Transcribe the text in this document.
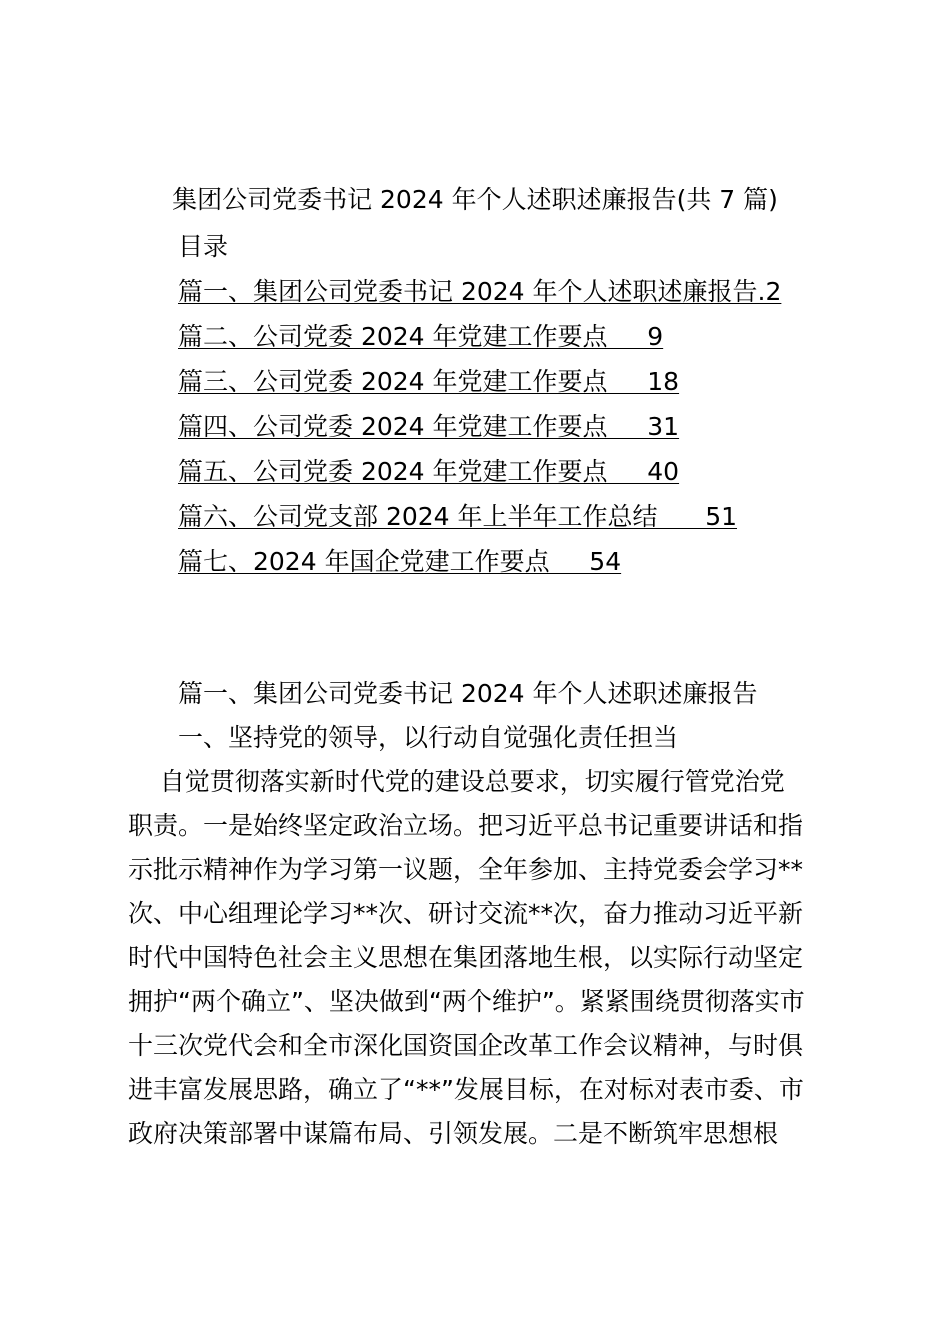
集团公司党委书记 2024 年个人述职述廉报告(共 7 篇)
目录
篇一、集团公司党委书记 2024 年个人述职述廉报告.2
篇二、公司党委 2024 年党建工作要点     9
篇三、公司党委 2024 年党建工作要点     18
篇四、公司党委 2024 年党建工作要点     31
篇五、公司党委 2024 年党建工作要点     40
篇六、公司党支部 2024 年上半年工作总结      51
篇七、2024 年国企党建工作要点     54
篇一、集团公司党委书记 2024 年个人述职述廉报告
一、坚持党的领导，以行动自觉强化责任担当
自觉贯彻落实新时代党的建设总要求，切实履行管党治党
职责。一是始终坚定政治立场。把习近平总书记重要讲话和指
示批示精神作为学习第一议题，全年参加、主持党委会学习**
次、中心组理论学习**次、研讨交流**次，奋力推动习近平新
时代中国特色社会主义思想在集团落地生根，以实际行动坚定
拥护“两个确立”、坚决做到“两个维护”。紧紧围绕贯彻落实市
十三次党代会和全市深化国资国企改革工作会议精神，与时俱
进丰富发展思路，确立了“**”发展目标，在对标对表市委、市
政府决策部署中谋篇布局、引领发展。二是不断筑牢思想根
